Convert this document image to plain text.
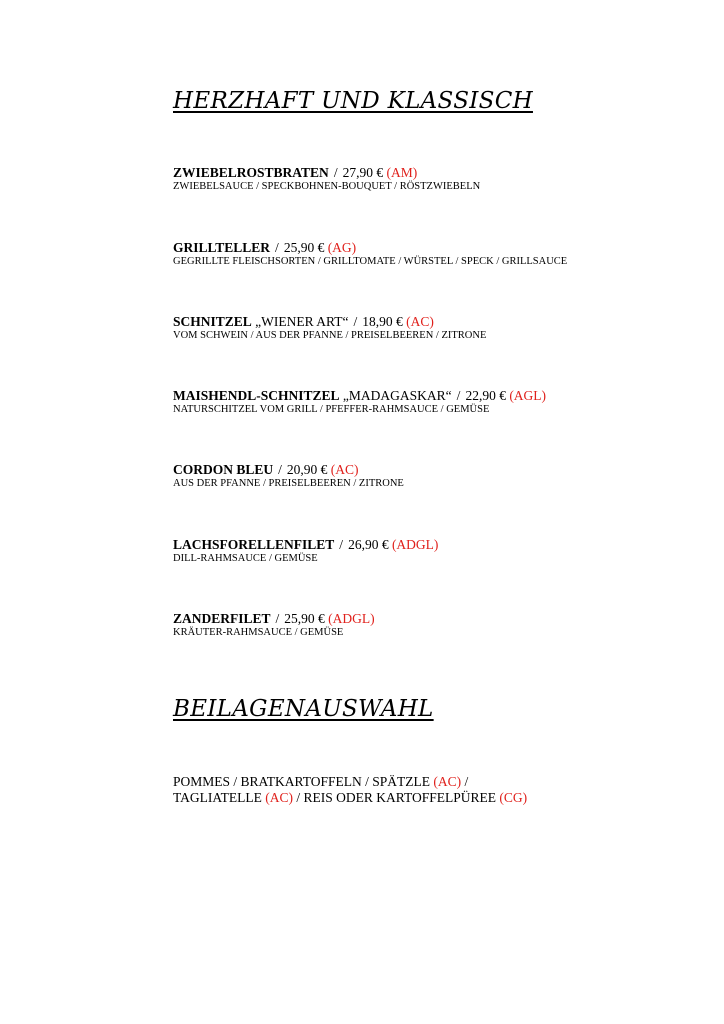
HERZHAFT UND KLASSISCH
ZWIEBELROSTBRATEN / 27,90 € (AM)
ZWIEBELSAUCE / SPECKBOHNEN-BOUQUET / RÖSTZWIEBELN
GRILLTELLER / 25,90 € (AG)
GEGRILLTE FLEISCHSORTEN / GRILLTOMATE / WÜRSTEL / SPECK / GRILLSAUCE
SCHNITZEL „WIENER ART“ / 18,90 € (AC)
VOM SCHWEIN / AUS DER PFANNE / PREISELBEEREN / ZITRONE
MAISHENDL-SCHNITZEL „MADAGASKAR“ / 22,90 € (AGL)
NATURSCHITZEL VOM GRILL / PFEFFER-RAHMSAUCE / GEMÜSE
CORDON BLEU / 20,90 € (AC)
AUS DER PFANNE / PREISELBEEREN / ZITRONE
LACHSFORELLENFILET / 26,90 € (ADGL)
DILL-RAHMSAUCE / GEMÜSE
ZANDERFILET / 25,90 € (ADGL)
KRÄUTER-RAHMSAUCE / GEMÜSE
BEILAGENAUSWAHL
POMMES / BRATKARTOFFELN / SPÄTZLE (AC) /
TAGLIATELLE (AC) / REIS ODER KARTOFFELPÜREE (CG)
